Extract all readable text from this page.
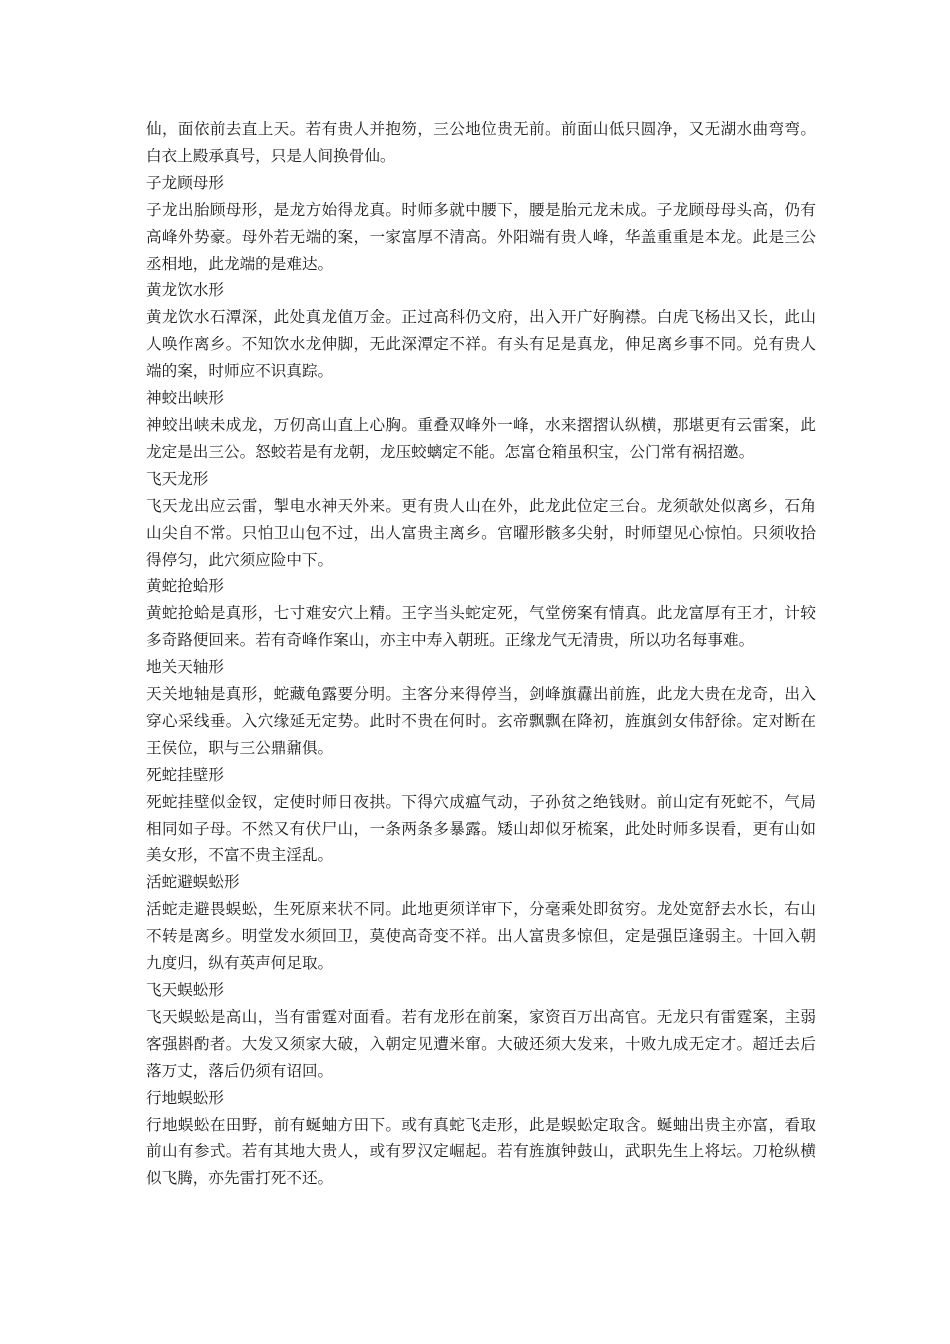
仙，面依前去直上天。若有贵人并抱笏，三公地位贵无前。前面山低只圆净，又无湖水曲弯弯。白衣上殿承真号，只是人间换骨仙。

子龙顾母形

子龙出胎顾母形，是龙方始得龙真。时师多就中腰下，腰是胎元龙未成。子龙顾母母头高，仍有高峰外势豪。母外若无端的案，一家富厚不清高。外阳端有贵人峰，华盖重重是本龙。此是三公丞相地，此龙端的是难达。

黄龙饮水形

黄龙饮水石潭深，此处真龙值万金。正过高科仍文府，出入开广好胸襟。白虎飞杨出又长，此山人唤作离乡。不知饮水龙伸脚，无此深潭定不祥。有头有足是真龙，伸足离乡事不同。兑有贵人端的案，时师应不识真踪。

神蛟出峡形

神蛟出峡未成龙，万仞高山直上心胸。重叠双峰外一峰，水来摺摺认纵横，那堪更有云雷案，此龙定是出三公。怒蛟若是有龙朝，龙压蛟螭定不能。怎富仓箱虽积宝，公门常有祸招邀。

飞天龙形

飞天龙出应云雷，掣电水神天外来。更有贵人山在外，此龙此位定三台。龙须欹处似离乡，石角山尖自不常。只怕卫山包不过，出人富贵主离乡。官曜形骸多尖射，时师望见心惊怕。只须收拾得停匀，此穴须应险中下。

黄蛇抢蛤形

黄蛇抢蛤是真形，七寸难安穴上精。王字当头蛇定死，气堂傍案有情真。此龙富厚有王才，计较多奇路便回来。若有奇峰作案山，亦主中寿入朝班。正缘龙气无清贵，所以功名每事难。

地关天轴形

天关地轴是真形，蛇藏龟露要分明。主客分来得停当，剑峰旗纛出前旌，此龙大贵在龙奇，出入穿心采线垂。入穴缘延无定势。此时不贵在何时。玄帝飘飘在降初，旌旗剑女伟舒徐。定对断在王侯位，职与三公鼎鼐俱。

死蛇挂壁形

死蛇挂壁似金钗，定使时师日夜拱。下得穴成瘟气动，子孙贫之绝钱财。前山定有死蛇不，气局相同如子母。不然又有伏尸山，一条两条多暴露。矮山却似牙梳案，此处时师多误看，更有山如美女形，不富不贵主淫乱。

活蛇避蜈蚣形

活蛇走避畏蜈蚣，生死原来状不同。此地更须详审下，分毫乘处即贫穷。龙处宽舒去水长，右山不转是离乡。明堂发水须回卫，莫使高奇变不祥。出人富贵多惊但，定是强臣逢弱主。十回入朝九度归，纵有英声何足取。

飞天蜈蚣形

飞天蜈蚣是高山，当有雷霆对面看。若有龙形在前案，家资百万出高官。无龙只有雷霆案，主弱客强斟酌者。大发又须家大破，入朝定见遭米窜。大破还须大发来，十败九成无定才。超迁去后落万丈，落后仍须有诏回。

行地蜈蚣形

行地蜈蚣在田野，前有蜒蚰方田下。或有真蛇飞走形，此是蜈蚣定取含。蜒蚰出贵主亦富，看取前山有参式。若有其地大贵人，或有罗汉定崛起。若有旌旗钟鼓山，武职先生上将坛。刀枪纵横似飞腾，亦先雷打死不还。
